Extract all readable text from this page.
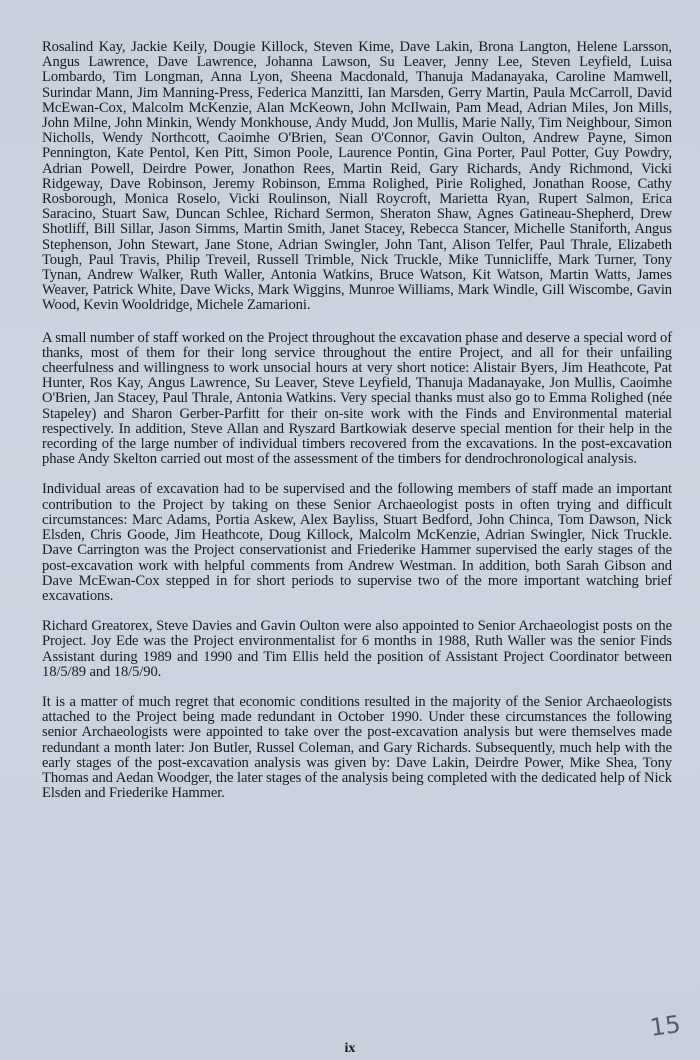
Rosalind Kay, Jackie Keily, Dougie Killock, Steven Kime, Dave Lakin, Brona Langton, Helene Larsson, Angus Lawrence, Dave Lawrence, Johanna Lawson, Su Leaver, Jenny Lee, Steven Leyfield, Luisa Lombardo, Tim Longman, Anna Lyon, Sheena Macdonald, Thanuja Madanayaka, Caroline Mamwell, Surindar Mann, Jim Manning-Press, Federica Manzitti, Ian Marsden, Gerry Martin, Paula McCarroll, David McEwan-Cox, Malcolm McKenzie, Alan McKeown, John McIlwain, Pam Mead, Adrian Miles, Jon Mills, John Milne, John Minkin, Wendy Monkhouse, Andy Mudd, Jon Mullis, Marie Nally, Tim Neighbour, Simon Nicholls, Wendy Northcott, Caoimhe O'Brien, Sean O'Connor, Gavin Oulton, Andrew Payne, Simon Pennington, Kate Pentol, Ken Pitt, Simon Poole, Laurence Pontin, Gina Porter, Paul Potter, Guy Powdry, Adrian Powell, Deirdre Power, Jonathon Rees, Martin Reid, Gary Richards, Andy Richmond, Vicki Ridgeway, Dave Robinson, Jeremy Robinson, Emma Rolighed, Pirie Rolighed, Jonathan Roose, Cathy Rosborough, Monica Roselo, Vicki Roulinson, Niall Roycroft, Marietta Ryan, Rupert Salmon, Erica Saracino, Stuart Saw, Duncan Schlee, Richard Sermon, Sheraton Shaw, Agnes Gatineau-Shepherd, Drew Shotliff, Bill Sillar, Jason Simms, Martin Smith, Janet Stacey, Rebecca Stancer, Michelle Staniforth, Angus Stephenson, John Stewart, Jane Stone, Adrian Swingler, John Tant, Alison Telfer, Paul Thrale, Elizabeth Tough, Paul Travis, Philip Treveil, Russell Trimble, Nick Truckle, Mike Tunnicliffe, Mark Turner, Tony Tynan, Andrew Walker, Ruth Waller, Antonia Watkins, Bruce Watson, Kit Watson, Martin Watts, James Weaver, Patrick White, Dave Wicks, Mark Wiggins, Munroe Williams, Mark Windle, Gill Wiscombe, Gavin Wood, Kevin Wooldridge, Michele Zamarioni.

A small number of staff worked on the Project throughout the excavation phase and deserve a special word of thanks, most of them for their long service throughout the entire Project, and all for their unfailing cheerfulness and willingness to work unsocial hours at very short notice: Alistair Byers, Jim Heathcote, Pat Hunter, Ros Kay, Angus Lawrence, Su Leaver, Steve Leyfield, Thanuja Madanayake, Jon Mullis, Caoimhe O'Brien, Jan Stacey, Paul Thrale, Antonia Watkins. Very special thanks must also go to Emma Rolighed (née Stapeley) and Sharon Gerber-Parfitt for their on-site work with the Finds and Environmental material respectively. In addition, Steve Allan and Ryszard Bartkowiak deserve special mention for their help in the recording of the large number of individual timbers recovered from the excavations. In the post-excavation phase Andy Skelton carried out most of the assessment of the timbers for dendrochronological analysis.

Individual areas of excavation had to be supervised and the following members of staff made an important contribution to the Project by taking on these Senior Archaeologist posts in often trying and difficult circumstances: Marc Adams, Portia Askew, Alex Bayliss, Stuart Bedford, John Chinca, Tom Dawson, Nick Elsden, Chris Goode, Jim Heathcote, Doug Killock, Malcolm McKenzie, Adrian Swingler, Nick Truckle. Dave Carrington was the Project conservationist and Friederike Hammer supervised the early stages of the post-excavation work with helpful comments from Andrew Westman. In addition, both Sarah Gibson and Dave McEwan-Cox stepped in for short periods to supervise two of the more important watching brief excavations.

Richard Greatorex, Steve Davies and Gavin Oulton were also appointed to Senior Archaeologist posts on the Project. Joy Ede was the Project environmentalist for 6 months in 1988, Ruth Waller was the senior Finds Assistant during 1989 and 1990 and Tim Ellis held the position of Assistant Project Coordinator between 18/5/89 and 18/5/90.

It is a matter of much regret that economic conditions resulted in the majority of the Senior Archaeologists attached to the Project being made redundant in October 1990. Under these circumstances the following senior Archaeologists were appointed to take over the post-excavation analysis but were themselves made redundant a month later: Jon Butler, Russel Coleman, and Gary Richards. Subsequently, much help with the early stages of the post-excavation analysis was given by: Dave Lakin, Deirdre Power, Mike Shea, Tony Thomas and Aedan Woodger, the later stages of the analysis being completed with the dedicated help of Nick Elsden and Friederike Hammer.

15
ix
